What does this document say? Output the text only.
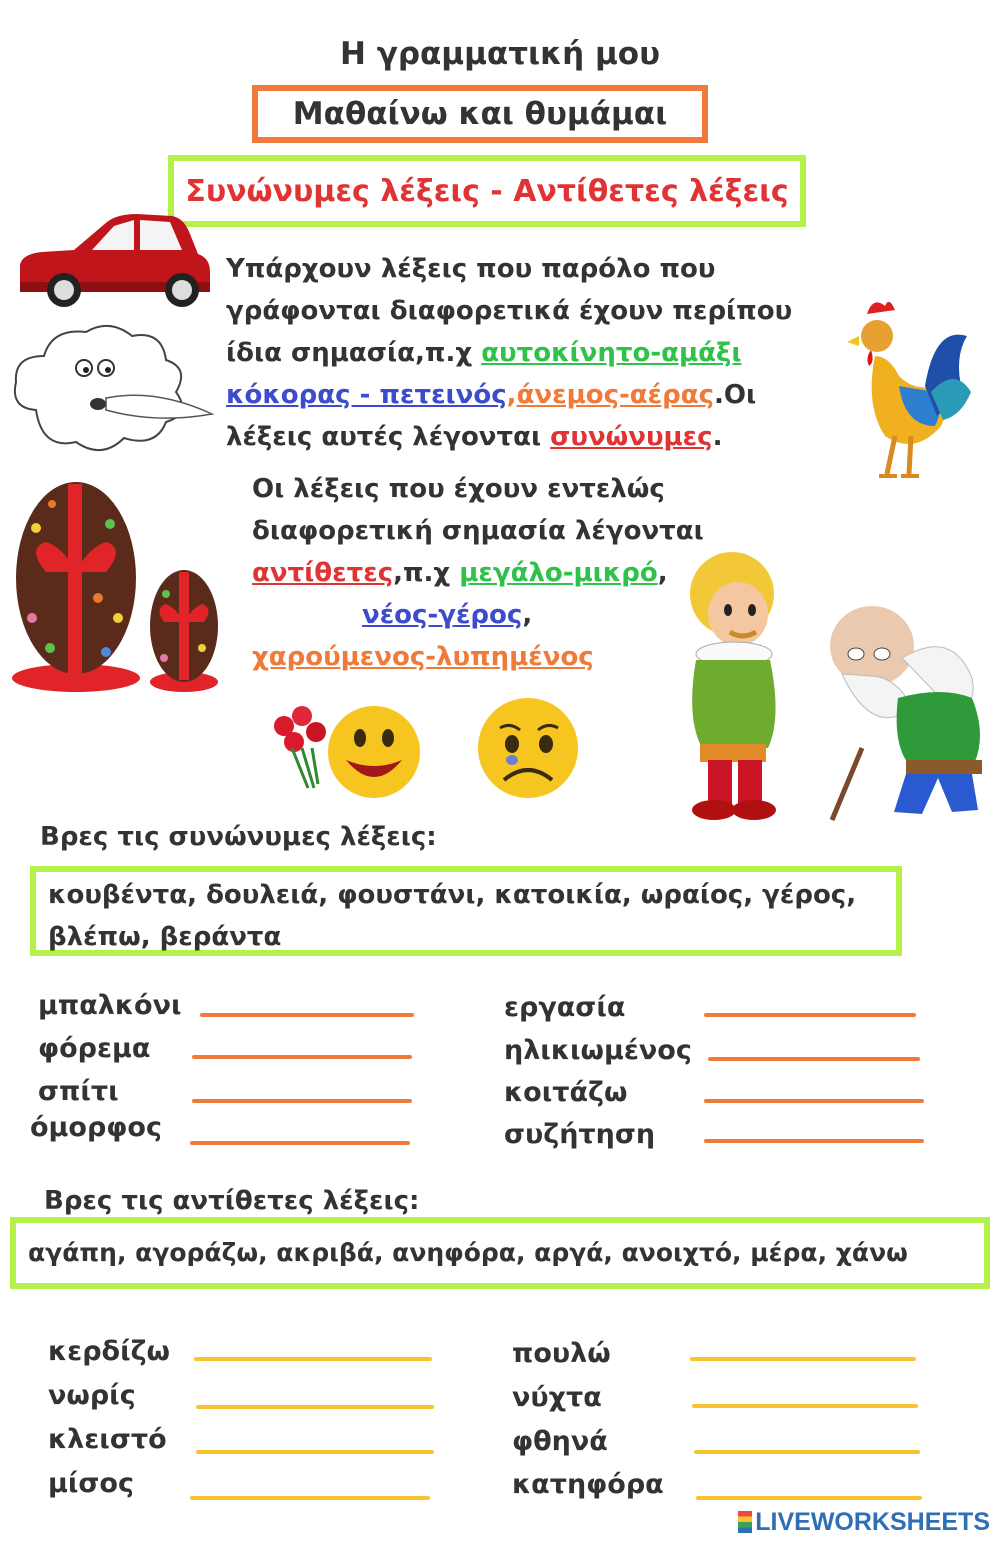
Η γραμματική μου
Μαθαίνω και θυμάμαι
Συνώνυμες λέξεις - Αντίθετες λέξεις
Υπάρχουν λέξεις που παρόλο που
γράφονται διαφορετικά έχουν περίπου
ίδια σημασία,π.χ αυτοκίνητο-αμάξι
κόκορας - πετεινός,άνεμος-αέρας.Οι
λέξεις αυτές λέγονται συνώνυμες.
Οι λέξεις που έχουν εντελώς
διαφορετική σημασία λέγονται
αντίθετες,π.χ μεγάλο-μικρό,
νέος-γέρος,
χαρούμενος-λυπημένος
Βρες τις συνώνυμες λέξεις:
κουβέντα, δουλειά, φουστάνι, κατοικία, ωραίος, γέρος,
βλέπω, βεράντα
μπαλκόνι
φόρεμα
σπίτι
όμορφος
εργασία
ηλικιωμένος
κοιτάζω
συζήτηση
Βρες τις αντίθετες λέξεις:
αγάπη, αγοράζω, ακριβά, ανηφόρα, αργά, ανοιχτό, μέρα, χάνω
κερδίζω
νωρίς
κλειστό
μίσος
πουλώ
νύχτα
φθηνά
κατηφόρα
LIVEWORKSHEETS
